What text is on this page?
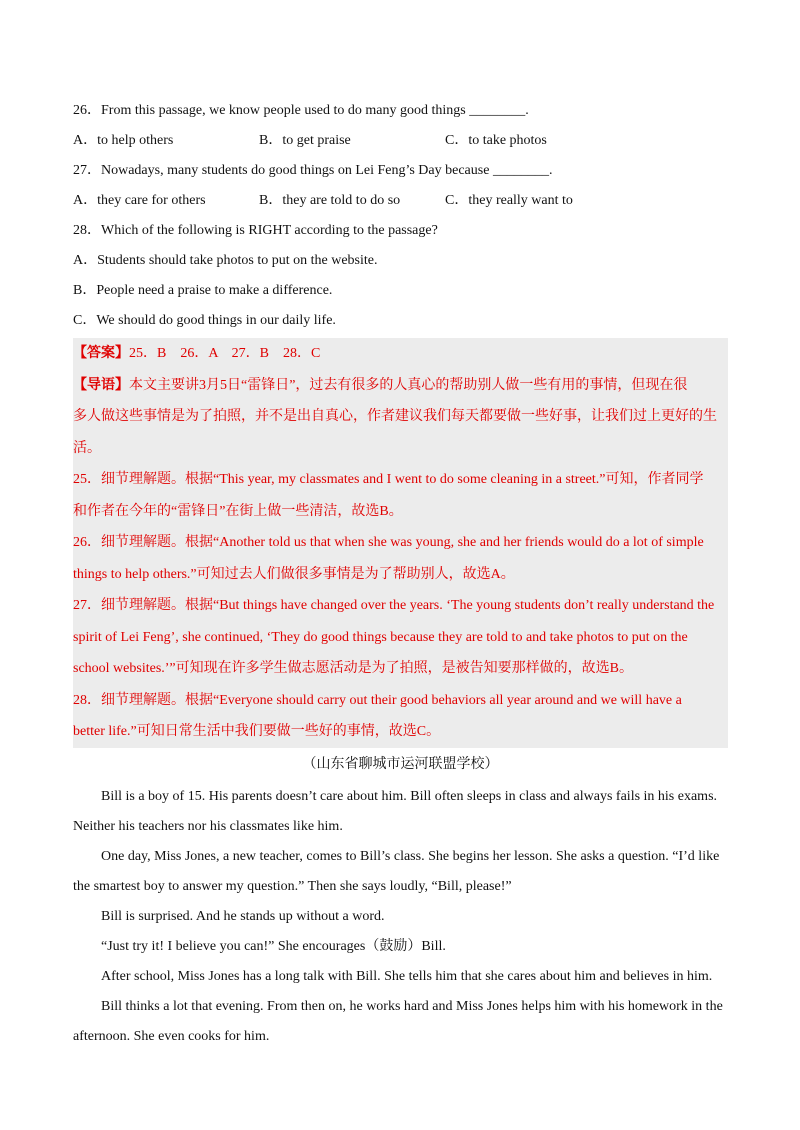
26．From this passage, we know people used to do many good things ________.
A．to help others	B．to get praise	C．to take photos
27．Nowadays, many students do good things on Lei Feng’s Day because ________.
A．they care for others	B．they are told to do so	C．they really want to
28．Which of the following is RIGHT according to the passage?
A．Students should take photos to put on the website.
B．People need a praise to make a difference.
C．We should do good things in our daily life.
【答案】25．B　26．A　27．B　28．C
【导语】本文主要讲3月5日“雷锋日”，过去有很多的人真心的帮助别人做一些有用的事情，但现在很
多人做这些事情是为了拍照，并不是出自真心，作者建议我们每天都要做一些好事，让我们过上更好的生
活。
25．细节理解题。根据“This year, my classmates and I went to do some cleaning in a street.”可知，作者同学
和作者在今年的“雷锋日”在街上做一些清洁，故选B。
26．细节理解题。根据“Another told us that when she was young, she and her friends would do a lot of simple
things to help others.”可知过去人们做很多事情是为了帮助别人，故选A。
27．细节理解题。根据“But things have changed over the years. ‘The young students don’t really understand the
spirit of Lei Feng’, she continued, ‘They do good things because they are told to and take photos to put on the
school websites.’”可知现在许多学生做志愿活动是为了拍照，是被告知要那样做的，故选B。
28．细节理解题。根据“Everyone should carry out their good behaviors all year around and we will have a
better life.”可知日常生活中我们要做一些好的事情，故选C。
（山东省聊城市运河联盟学校）
Bill is a boy of 15. His parents doesn’t care about him. Bill often sleeps in class and always fails in his exams.
Neither his teachers nor his classmates like him.
One day, Miss Jones, a new teacher, comes to Bill’s class. She begins her lesson. She asks a question. “I’d like
the smartest boy to answer my question.” Then she says loudly, “Bill, please!”
Bill is surprised. And he stands up without a word.
“Just try it! I believe you can!” She encourages（鼓励）Bill.
After school, Miss Jones has a long talk with Bill. She tells him that she cares about him and believes in him.
Bill thinks a lot that evening. From then on, he works hard and Miss Jones helps him with his homework in the
afternoon. She even cooks for him.
